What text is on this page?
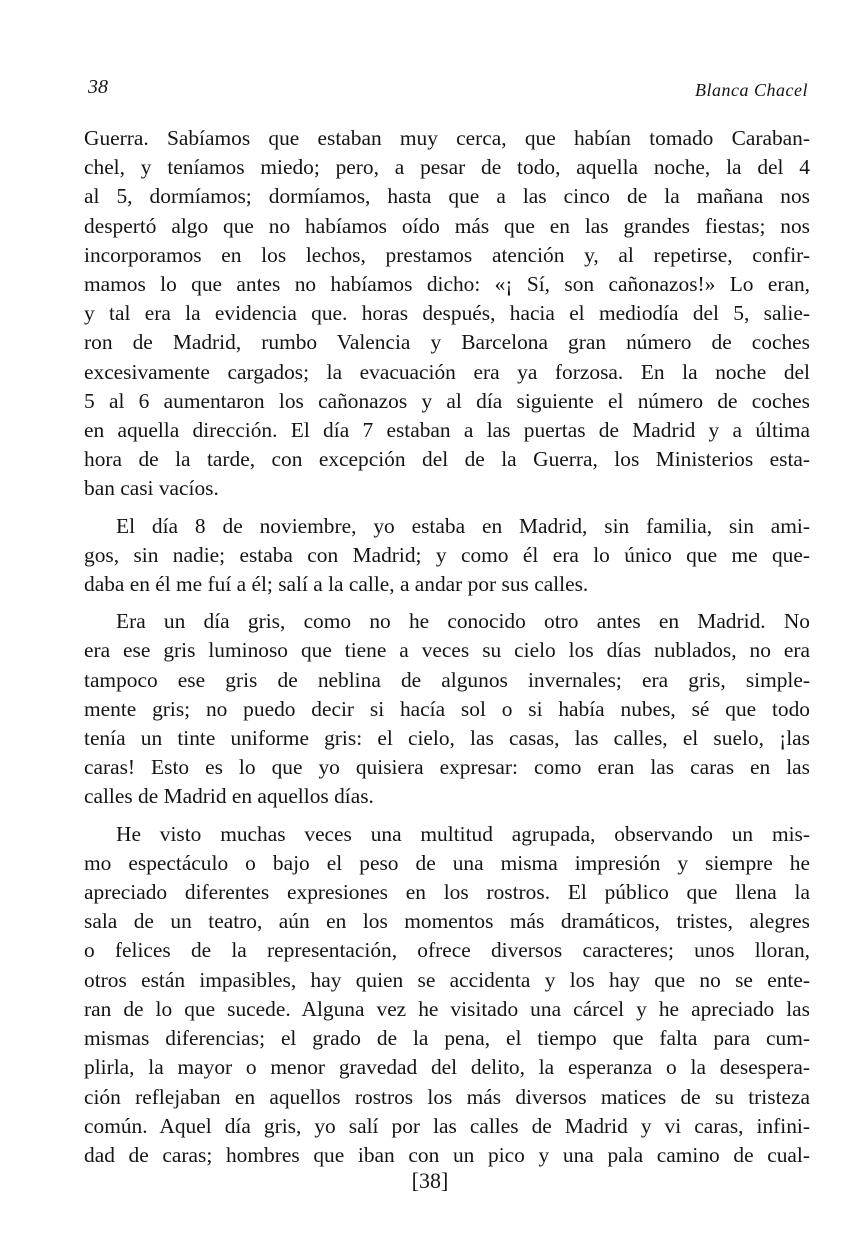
38	Blanca Chacel
Guerra. Sabíamos que estaban muy cerca, que habían tomado Caraban-
chel, y teníamos miedo; pero, a pesar de todo, aquella noche, la del 4
al 5, dormíamos; dormíamos, hasta que a las cinco de la mañana nos
despertó algo que no habíamos oído más que en las grandes fiestas; nos
incorporamos en los lechos, prestamos atención y, al repetirse, confir-
mamos lo que antes no habíamos dicho: «¡ Sí, son cañonazos!» Lo eran,
y tal era la evidencia que. horas después, hacia el mediodía del 5, salie-
ron de Madrid, rumbo Valencia y Barcelona gran número de coches
excesivamente cargados; la evacuación era ya forzosa. En la noche del
5 al 6 aumentaron los cañonazos y al día siguiente el número de coches
en aquella dirección. El día 7 estaban a las puertas de Madrid y a última
hora de la tarde, con excepción del de la Guerra, los Ministerios esta-
ban casi vacíos.
El día 8 de noviembre, yo estaba en Madrid, sin familia, sin ami-
gos, sin nadie; estaba con Madrid; y como él era lo único que me que-
daba en él me fuí a él; salí a la calle, a andar por sus calles.
Era un día gris, como no he conocido otro antes en Madrid. No
era ese gris luminoso que tiene a veces su cielo los días nublados, no era
tampoco ese gris de neblina de algunos invernales; era gris, simple-
mente gris; no puedo decir si hacía sol o si había nubes, sé que todo
tenía un tinte uniforme gris: el cielo, las casas, las calles, el suelo, ¡las
caras! Esto es lo que yo quisiera expresar: como eran las caras en las
calles de Madrid en aquellos días.
He visto muchas veces una multitud agrupada, observando un mis-
mo espectáculo o bajo el peso de una misma impresión y siempre he
apreciado diferentes expresiones en los rostros. El público que llena la
sala de un teatro, aún en los momentos más dramáticos, tristes, alegres
o felices de la representación, ofrece diversos caracteres; unos lloran,
otros están impasibles, hay quien se accidenta y los hay que no se ente-
ran de lo que sucede. Alguna vez he visitado una cárcel y he apreciado las
mismas diferencias; el grado de la pena, el tiempo que falta para cum-
plirla, la mayor o menor gravedad del delito, la esperanza o la desespera-
ción reflejaban en aquellos rostros los más diversos matices de su tristeza
común. Aquel día gris, yo salí por las calles de Madrid y vi caras, infini-
dad de caras; hombres que iban con un pico y una pala camino de cual-
[38]
